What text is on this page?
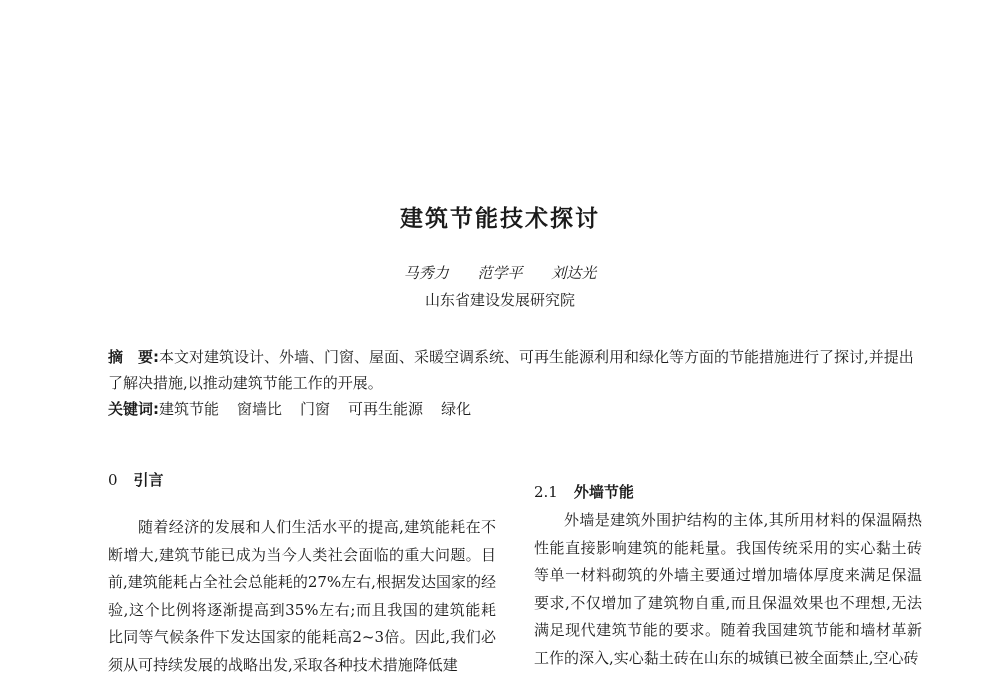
建筑节能技术探讨
马秀力 范学平 刘达光
山东省建设发展研究院
摘　要:本文对建筑设计、外墙、门窗、屋面、采暖空调系统、可再生能源利用和绿化等方面的节能措施进行了探讨,并提出了解决措施,以推动建筑节能工作的开展。
关键词:建筑节能 窗墙比 门窗 可再生能源 绿化
0 引言

随着经济的发展和人们生活水平的提高,建筑能耗在不断增大,建筑节能已成为当今人类社会面临的重大问题。目前,建筑能耗占全社会总能耗的27%左右,根据发达国家的经验,这个比例将逐渐提高到35%左右;而且我国的建筑能耗比同等气候条件下发达国家的能耗高2~3倍。因此,我们必须从可持续发展的战略出发,采取各种技术措施降低建

2.1 外墙节能

外墙是建筑外围护结构的主体,其所用材料的保温隔热性能直接影响建筑的能耗量。我国传统采用的实心黏土砖等单一材料砌筑的外墙主要通过增加墙体厚度来满足保温要求,不仅增加了建筑物自重,而且保温效果也不理想,无法满足现代建筑节能的要求。随着我国建筑节能和墙材革新工作的深入,实心黏土砖在山东的城镇已被全面禁止,空心砖
